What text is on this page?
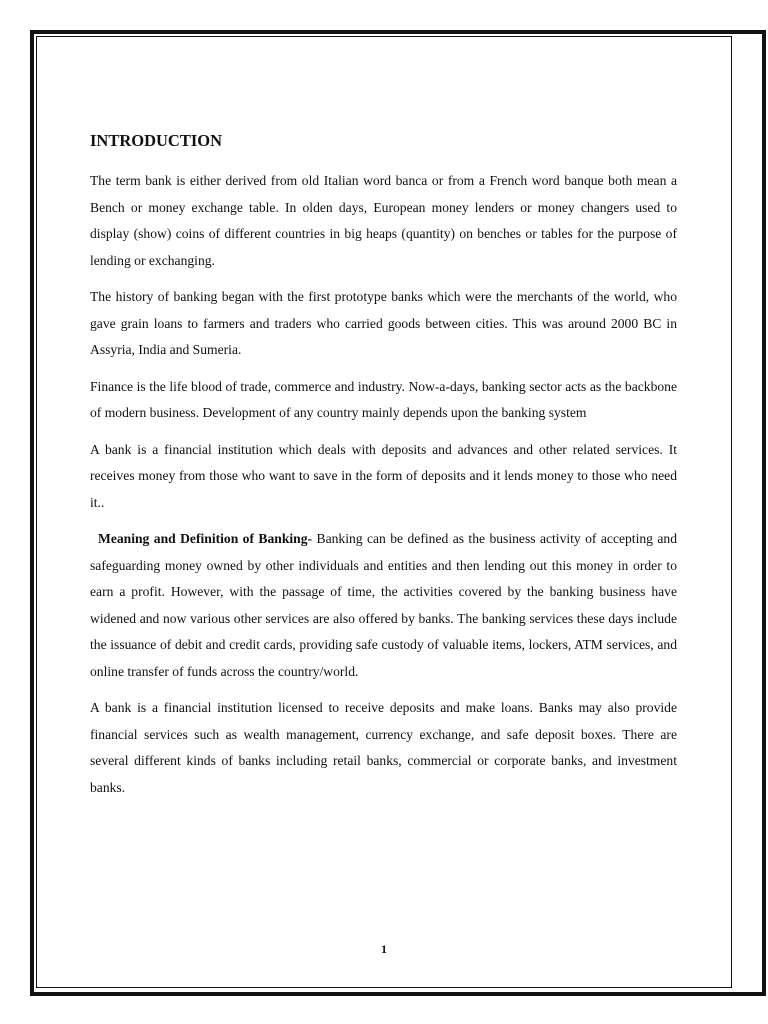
INTRODUCTION

The term bank is either derived from old Italian word banca or from a French word banque both mean a Bench or money exchange table. In olden days, European money lenders or money changers used to display (show) coins of different countries in big heaps (quantity) on benches or tables for the purpose of lending or exchanging.

The history of banking began with the first prototype banks which were the merchants of the world, who gave grain loans to farmers and traders who carried goods between cities. This was around 2000 BC in Assyria, India and Sumeria.

Finance is the life blood of trade, commerce and industry. Now-a-days, banking sector acts as the backbone of modern business. Development of any country mainly depends upon the banking system

A bank is a financial institution which deals with deposits and advances and other related services. It receives money from those who want to save in the form of deposits and it lends money to those who need it..

Meaning and Definition of Banking- Banking can be defined as the business activity of accepting and safeguarding money owned by other individuals and entities and then lending out this money in order to earn a profit. However, with the passage of time, the activities covered by the banking business have widened and now various other services are also offered by banks. The banking services these days include the issuance of debit and credit cards, providing safe custody of valuable items, lockers, ATM services, and online transfer of funds across the country/world.

A bank is a financial institution licensed to receive deposits and make loans. Banks may also provide financial services such as wealth management, currency exchange, and safe deposit boxes. There are several different kinds of banks including retail banks, commercial or corporate banks, and investment banks.

1
